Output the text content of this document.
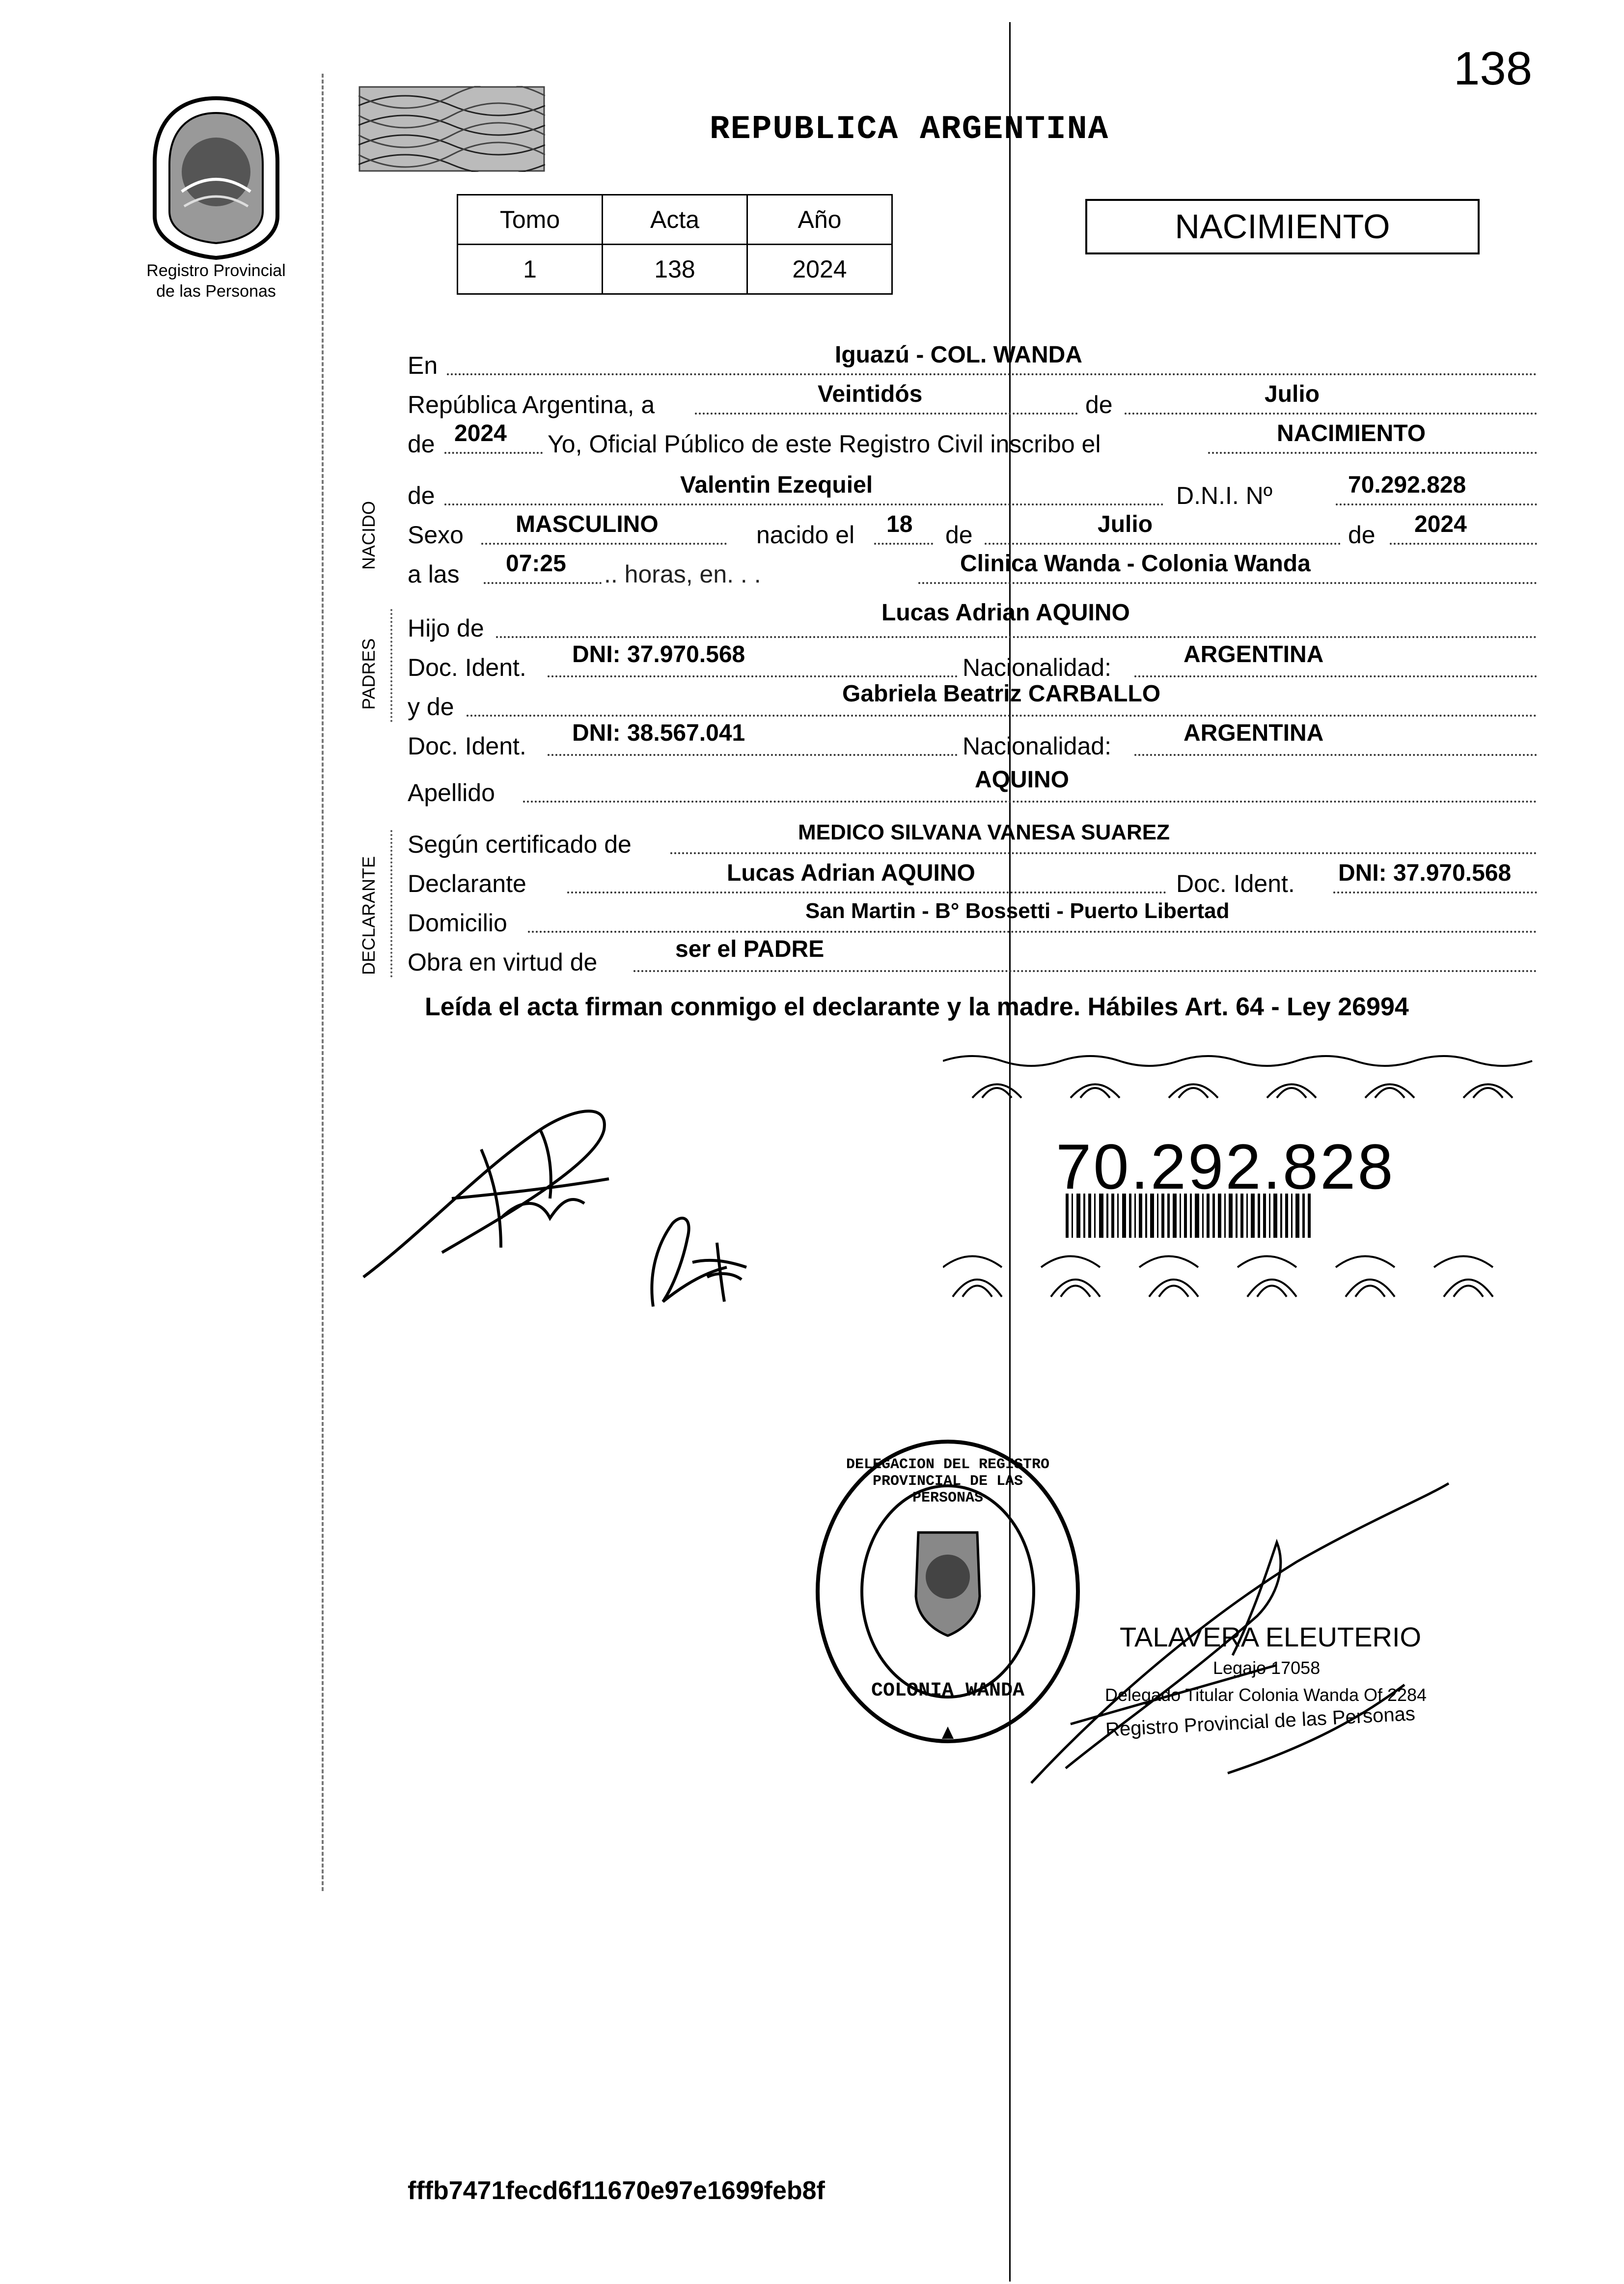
138
Registro Provincial
de las Personas
REPUBLICA ARGENTINA
Tomo	Acta	Año
1	138	2024
NACIMIENTO
NACIDO
PADRES
DECLARANTE
En	Iguazú - COL. WANDA
República Argentina, a	Veintidós	de	Julio
de 2024 Yo, Oficial Público de este Registro Civil inscribo el	NACIMIENTO
de	Valentin Ezequiel	D.N.I. Nº	70.292.828
Sexo MASCULINO	nacido el 18 de	Julio	de 2024
a las 07:25 .. horas, en. . .	Clinica Wanda - Colonia Wanda
Hijo de
Lucas Adrian AQUINO
Doc. Ident. DNI: 37.970.568	Nacionalidad:	ARGENTINA
y de	Gabriela Beatriz CARBALLO
Doc. Ident. DNI: 38.567.041	Nacionalidad:	ARGENTINA
Apellido	AQUINO
Según certificado de	MEDICO SILVANA VANESA SUAREZ
Declarante	Lucas Adrian AQUINO	Doc. Ident. DNI: 37.970.568
Domicilio	San Martin - B° Bossetti - Puerto Libertad
Obra en virtud de	ser el PADRE
Leída el acta firman conmigo el declarante y la madre. Hábiles Art. 64 - Ley 26994
70.292.828
DELEGACION DEL REGISTRO PROVINCIAL DE LAS PERSONAS
COLONIA WANDA
TALAVERA ELEUTERIO
Legajo 17058
Delegado Titular Colonia Wanda Of 2284
Registro Provincial de las Personas
fffb7471fecd6f11670e97e1699feb8f
